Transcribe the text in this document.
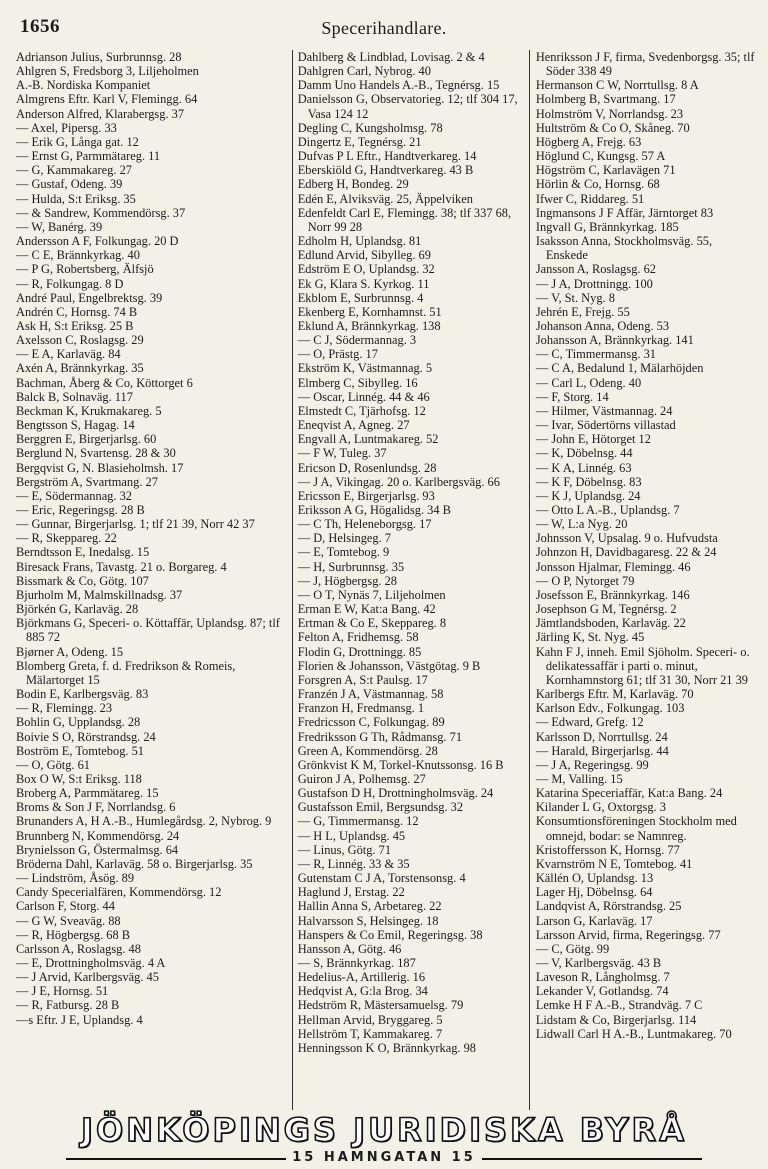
1656	Specerihandlare.
Adrianson Julius, Surbrunnsg. 28
Ahlgren S, Fredsborg 3, Liljeholmen
A.-B. Nordiska Kompaniet
Almgrens Eftr. Karl V, Flemingg. 64
Anderson Alfred, Klarabergsg. 37
— Axel, Pipersg. 33
— Erik G, Långa gat. 12
— Ernst G, Parmmätareg. 11
— G, Kammakareg. 27
— Gustaf, Odeng. 39
— Hulda, S:t Eriksg. 35
— & Sandrew, Kommendörsg. 37
— W, Banérg. 39
Andersson A F, Folkungag. 20 D
— C E, Brännkyrkag. 40
— P G, Robertsberg, Älfsjö
— R, Folkungag. 8 D
André Paul, Engelbrektsg. 39
Andrén C, Hornsg. 74 B
Ask H, S:t Eriksg. 25 B
Axelsson C, Roslagsg. 29
— E A, Karlaväg. 84
Axén A, Brännkyrkag. 35
Bachman, Åberg & Co, Köttorget 6
Balck B, Solnaväg. 117
Beckman K, Krukmakareg. 5
Bengtsson S, Hagag. 14
Berggren E, Birgerjarlsg. 60
Berglund N, Svartensg. 28 & 30
Bergqvist G, N. Blasieholmsh. 17
Bergström A, Svartmang. 27
— E, Södermannag. 32
— Eric, Regeringsg. 28 B
— Gunnar, Birgerjarlsg. 1; tlf 21 39, Norr 42 37
— R, Skeppareg. 22
Berndtsson E, Inedalsg. 15
Biresack Frans, Tavastg. 21 o. Borgareg. 4
Bissmark & Co, Götg. 107
Bjurholm M, Malmskillnadsg. 37
Björkén G, Karlaväg. 28
Björkmans G, Speceri- o. Köttaffär, Uplandsg. 87; tlf 885 72
Bjørner A, Odeng. 15
Blomberg Greta, f. d. Fredrikson & Romeis, Mälartorget 15
Bodin E, Karlbergsväg. 83
— R, Flemingg. 23
Bohlin G, Upplandsg. 28
Boivie S O, Rörstrandsg. 24
Boström E, Tomtebog. 51
— O, Götg. 61
Box O W, S:t Eriksg. 118
Broberg A, Parmmätareg. 15
Broms & Son J F, Norrlandsg. 6
Brunanders A, H A.-B., Humlegårdsg. 2, Nybrog. 9
Brunnberg N, Kommendörsg. 24
Brynielsson G, Östermalmsg. 64
Bröderna Dahl, Karlaväg. 58 o. Birgerjarlsg. 35
— Lindström, Åsög. 89
Candy Specerialfären, Kommendörsg. 12
Carlson F, Storg. 44
— G W, Sveaväg. 88
— R, Högbergsg. 68 B
Carlsson A, Roslagsg. 48
— E, Drottningholmsväg. 4 A
— J Arvid, Karlbergsväg. 45
— J E, Hornsg. 51
— R, Fatbursg. 28 B
—s Eftr. J E, Uplandsg. 4
Dahlberg & Lindblad, Lovisag. 2 & 4
Dahlgren Carl, Nybrog. 40
Damm Uno Handels A.-B., Tegnérsg. 15
Danielsson G, Observatorieg. 12; tlf 304 17, Vasa 124 12
Degling C, Kungsholmsg. 78
Dingertz E, Tegnérsg. 21
Dufvas P L Eftr., Handtverkareg. 14
Eberskiöld G, Handtverkareg. 43 B
Edberg H, Bondeg. 29
Edén E, Alviksväg. 25, Äppelviken
Edenfeldt Carl E, Flemingg. 38; tlf 337 68, Norr 99 28
Edholm H, Uplandsg. 81
Edlund Arvid, Sibylleg. 69
Edström E O, Uplandsg. 32
Ek G, Klara S. Kyrkog. 11
Ekblom E, Surbrunnsg. 4
Ekenberg E, Kornhamnst. 51
Eklund A, Brännkyrkag. 138
— C J, Södermannag. 3
— O, Prästg. 17
Ekström K, Västmannag. 5
Elmberg C, Sibylleg. 16
— Oscar, Linnég. 44 & 46
Elmstedt C, Tjärhofsg. 12
Eneqvist A, Agneg. 27
Engvall A, Luntmakareg. 52
— F W, Tuleg. 37
Ericson D, Rosenlundsg. 28
— J A, Vikingag. 20 o. Karlbergsväg. 66
Ericsson E, Birgerjarlsg. 93
Eriksson A G, Högalidsg. 34 B
— C Th, Heleneborgsg. 17
— D, Helsingeg. 7
— E, Tomtebog. 9
— H, Surbrunnsg. 35
— J, Högbergsg. 28
— O T, Nynäs 7, Liljeholmen
Erman E W, Kat:a Bang. 42
Ertman & Co E, Skeppareg. 8
Felton A, Fridhemsg. 58
Flodin G, Drottningg. 85
Florien & Johansson, Västgötag. 9 B
Forsgren A, S:t Paulsg. 17
Franzén J A, Västmannag. 58
Franzon H, Fredmansg. 1
Fredricsson C, Folkungag. 89
Fredriksson G Th, Rådmansg. 71
Green A, Kommendörsg. 28
Grönkvist K M, Torkel-Knutssonsg. 16 B
Guiron J A, Polhemsg. 27
Gustafson D H, Drottningholmsväg. 24
Gustafsson Emil, Bergsundsg. 32
— G, Timmermansg. 12
— H L, Uplandsg. 45
— Linus, Götg. 71
— R, Linnég. 33 & 35
Gutenstam C J A, Torstensonsg. 4
Haglund J, Erstag. 22
Hallin Anna S, Arbetareg. 22
Halvarsson S, Helsingeg. 18
Hanspers & Co Emil, Regeringsg. 38
Hansson A, Götg. 46
— S, Brännkyrkag. 187
Hedelius-A, Artillerig. 16
Hedqvist A, G:la Brog. 34
Hedström R, Mästersamuelsg. 79
Hellman Arvid, Bryggareg. 5
Hellström T, Kammakareg. 7
Henningsson K O, Brännkyrkag. 98
Henriksson J F, firma, Svedenborgsg. 35; tlf Söder 338 49
Hermanson C W, Norrtullsg. 8 A
Holmberg B, Svartmang. 17
Holmström V, Norrlandsg. 23
Hultström & Co O, Skåneg. 70
Högberg A, Frejg. 63
Höglund C, Kungsg. 57 A
Högström C, Karlavägen 71
Hörlin & Co, Hornsg. 68
Ifwer C, Riddareg. 51
Ingmansons J F Affär, Järntorget 83
Ingvall G, Brännkyrkag. 185
Isaksson Anna, Stockholmsväg. 55, Enskede
Jansson A, Roslagsg. 62
— J A, Drottningg. 100
— V, St. Nyg. 8
Jehrén E, Frejg. 55
Johanson Anna, Odeng. 53
Johansson A, Brännkyrkag. 141
— C, Timmermansg. 31
— C A, Bedalund 1, Mälarhöjden
— Carl L, Odeng. 40
— F, Storg. 14
— Hilmer, Västmannag. 24
— Ivar, Södertörns villastad
— John E, Hötorget 12
— K, Döbelnsg. 44
— K A, Linnég. 63
— K F, Döbelnsg. 83
— K J, Uplandsg. 24
— Otto L A.-B., Uplandsg. 7
— W, L:a Nyg. 20
Johnsson V, Upsalag. 9 o. Hufvudsta
Johnzon H, Davidbagaresg. 22 & 24
Jonsson Hjalmar, Flemingg. 46
— O P, Nytorget 79
Josefsson E, Brännkyrkag. 146
Josephson G M, Tegnérsg. 2
Jämtlandsboden, Karlaväg. 22
Järling K, St. Nyg. 45
Kahn F J, inneh. Emil Sjöholm. Speceri- o. delikatessaffär i parti o. minut, Kornhamnstorg 61; tlf 31 30, Norr 21 39
Karlbergs Eftr. M, Karlaväg. 70
Karlson Edv., Folkungag. 103
— Edward, Grefg. 12
Karlsson D, Norrtullsg. 24
— Harald, Birgerjarlsg. 44
— J A, Regeringsg. 99
— M, Valling. 15
Katarina Speceriaffär, Kat:a Bang. 24
Kilander L G, Oxtorgsg. 3
Konsumtionsföreningen Stockholm med omnejd, bodar: se Namnreg.
Kristoffersson K, Hornsg. 77
Kvarnström N E, Tomtebog. 41
Källén O, Uplandsg. 13
Lager Hj, Döbelnsg. 64
Landqvist A, Rörstrandsg. 25
Larson G, Karlaväg. 17
Larsson Arvid, firma, Regeringsg. 77
— C, Götg. 99
— V, Karlbergsväg. 43 B
Laveson R, Långholmsg. 7
Lekander V, Gotlandsg. 74
Lemke H F A.-B., Strandväg. 7 C
Lidstam & Co, Birgerjarlsg. 114
Lidwall Carl H A.-B., Luntmakareg. 70
JÖNKÖPINGS JURIDISKA BYRÅ
15 HAMNGATAN 15
